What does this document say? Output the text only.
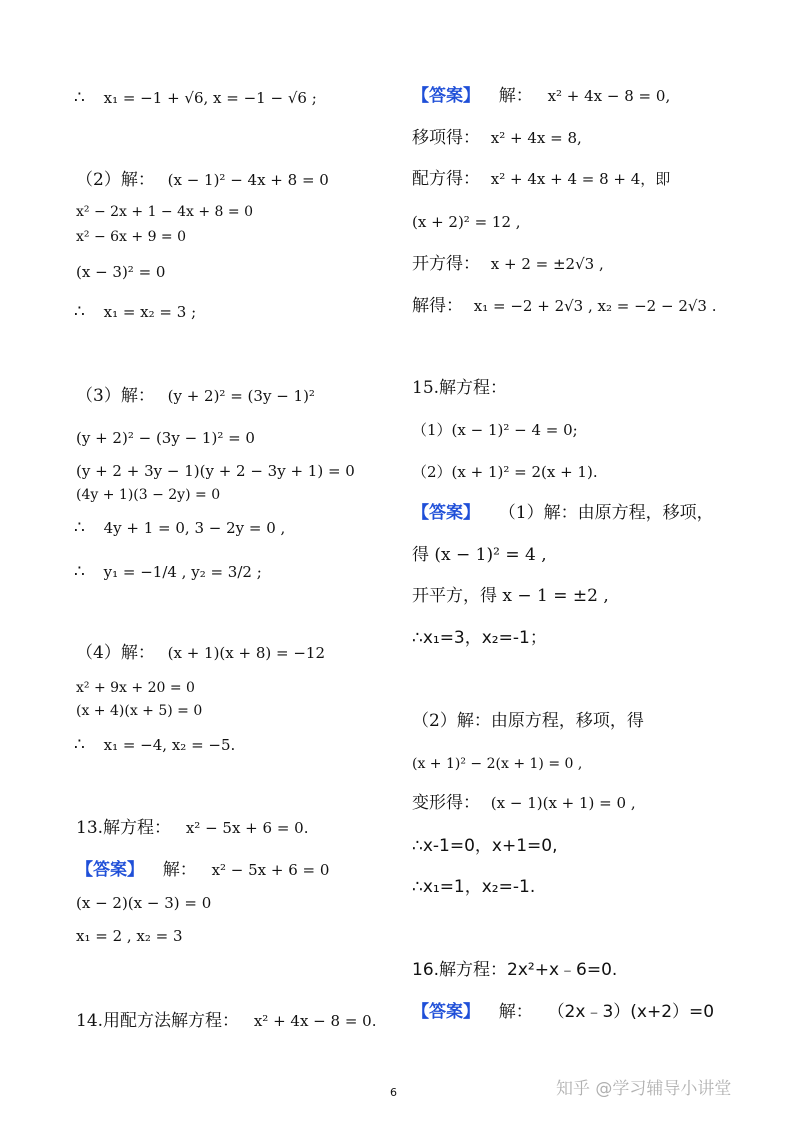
∴ x₁ = −1 + √6, x = −1 − √6 ;
（2）解： (x − 1)² − 4x + 8 = 0
x² − 2x + 1 − 4x + 8 = 0
x² − 6x + 9 = 0
(x − 3)² = 0
∴ x₁ = x₂ = 3 ;
（3）解： (y + 2)² = (3y − 1)²
(y + 2)² − (3y − 1)² = 0
(y + 2 + 3y − 1)(y + 2 − 3y + 1) = 0
(4y + 1)(3 − 2y) = 0
∴ 4y + 1 = 0, 3 − 2y = 0 ,
∴ y₁ = −1/4 , y₂ = 3/2 ;
（4）解： (x + 1)(x + 8) = −12
x² + 9x + 20 = 0
(x + 4)(x + 5) = 0
∴ x₁ = −4, x₂ = −5.
13.解方程： x² − 5x + 6 = 0.
【答案】 解： x² − 5x + 6 = 0
(x − 2)(x − 3) = 0
x₁ = 2 , x₂ = 3
14.用配方法解方程： x² + 4x − 8 = 0.
【答案】 解： x² + 4x − 8 = 0,
移项得： x² + 4x = 8,
配方得： x² + 4x + 4 = 8 + 4，即
(x + 2)² = 12 ,
开方得： x + 2 = ±2√3 ,
解得： x₁ = −2 + 2√3 , x₂ = −2 − 2√3 .
15.解方程：
（1）(x − 1)² − 4 = 0;
（2）(x + 1)² = 2(x + 1).
【答案】 （1）解：由原方程，移项，
得 (x − 1)² = 4 ,
开平方，得 x − 1 = ±2 ,
∴x₁=3，x₂=-1；
（2）解：由原方程，移项，得
(x + 1)² − 2(x + 1) = 0 ,
变形得： (x − 1)(x + 1) = 0 ,
∴x-1=0，x+1=0,
∴x₁=1，x₂=-1.
16.解方程：2x²+x﹣6=0.
【答案】 解： （2x﹣3）(x+2）=0
6	知乎 @学习辅导小讲堂
